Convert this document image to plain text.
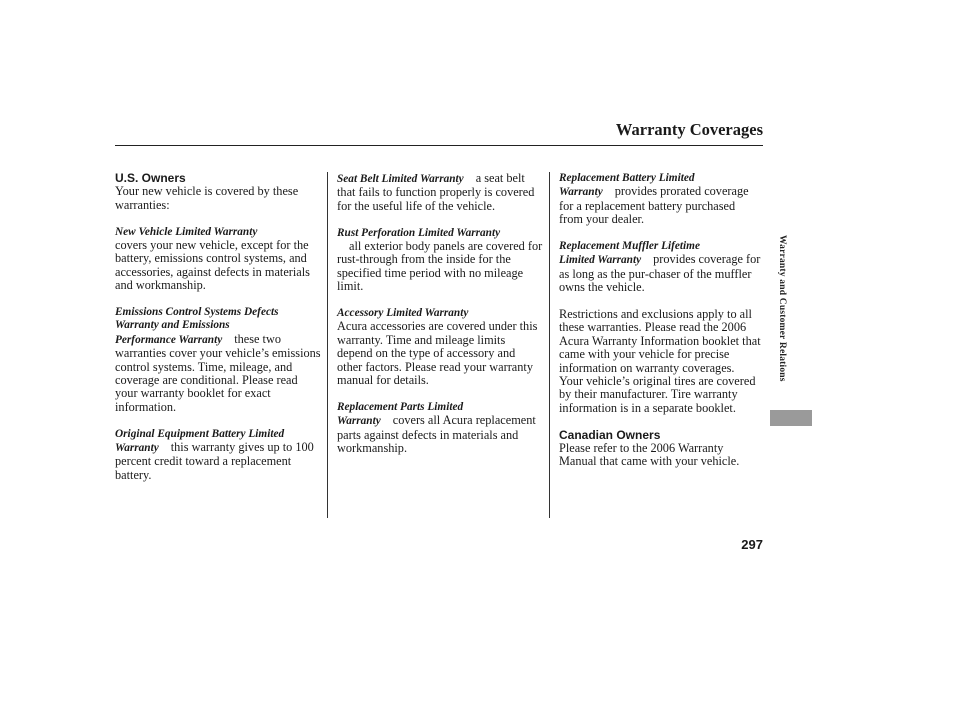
Warranty Coverages
U.S. Owners
Your new vehicle is covered by these warranties:
New Vehicle Limited Warranty
covers your new vehicle, except for the battery, emissions control systems, and accessories, against defects in materials and workmanship.
Emissions Control Systems Defects Warranty and Emissions
Performance Warranty these two warranties cover your vehicle’s emissions control systems. Time, mileage, and coverage are conditional. Please read your warranty booklet for exact information.
Original Equipment Battery Limited
Warranty this warranty gives up to 100 percent credit toward a replacement battery.
Seat Belt Limited Warranty a seat belt that fails to function properly is covered for the useful life of the vehicle.
Rust Perforation Limited Warranty
all exterior body panels are covered for rust-through from the inside for the specified time period with no mileage limit.
Accessory Limited Warranty
Acura accessories are covered under this warranty. Time and mileage limits depend on the type of accessory and other factors. Please read your warranty manual for details.
Replacement Parts Limited
Warranty covers all Acura replacement parts against defects in materials and workmanship.
Replacement Battery Limited
Warranty provides prorated coverage for a replacement battery purchased from your dealer.
Replacement Muffler Lifetime
Limited Warranty provides coverage for as long as the pur-chaser of the muffler owns the vehicle.
Restrictions and exclusions apply to all these warranties. Please read the 2006 Acura Warranty Information booklet that came with your vehicle for precise information on warranty coverages. Your vehicle’s original tires are covered by their manufacturer. Tire warranty information is in a separate booklet.
Canadian Owners
Please refer to the 2006 Warranty Manual that came with your vehicle.
Warranty and Customer Relations
297
